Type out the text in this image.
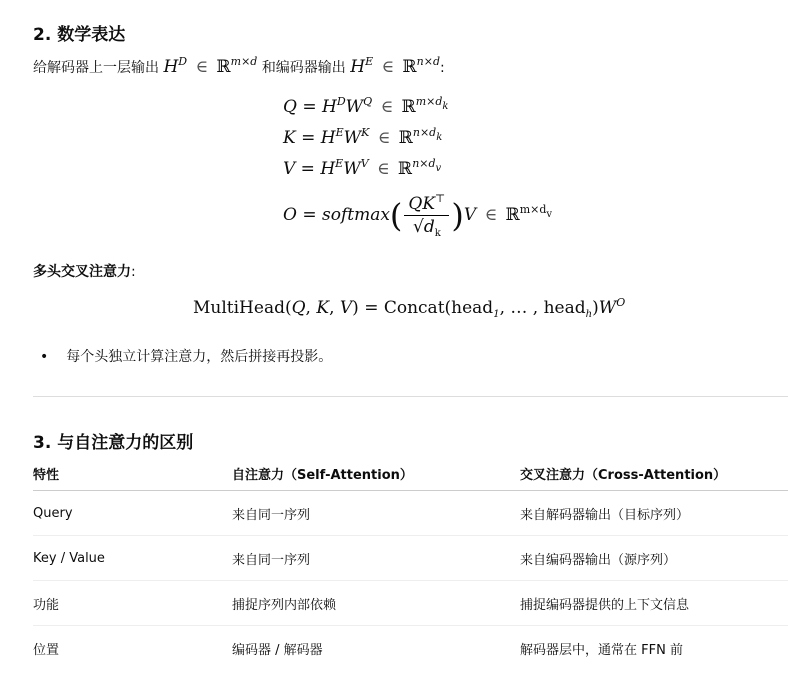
2. 数学表达
给解码器上一层输出 $H^D$ ∈ ℝ$^{m\times d}$ 和编码器输出 $H^E$ ∈ ℝ$^{n\times d}$:
$Q = H^DW^Q$ ∈ ℝ$^{m\times d_k}$
$K = H^EW^K$ ∈ ℝ$^{n\times d_k}$
$V = H^EW^V$ ∈ ℝ$^{n\times d_v}$
O = softmax( $\frac{QK^⊤}{√d_k} )V$ ∈ ℝ$^{m\times d_v}$
多头交叉注意力:
MultiHead(Q, K, V) = Concat(head$_1$, … , $head_h)W^O$
• 每个头独立计算注意力，然后拼接再投影。
3. 与自注意力的区别
特性	自注意力（Self-Attention）	交叉注意力（Cross-Attention）
Query	来自同一序列	来自解码器输出（目标序列）
Key / Value	来自同一序列	来自编码器输出（源序列）
功能	捕捉序列内部依赖	捕捉编码器提供的上下文信息
位置	编码器 / 解码器	解码器层中，通常在 FFN 前
